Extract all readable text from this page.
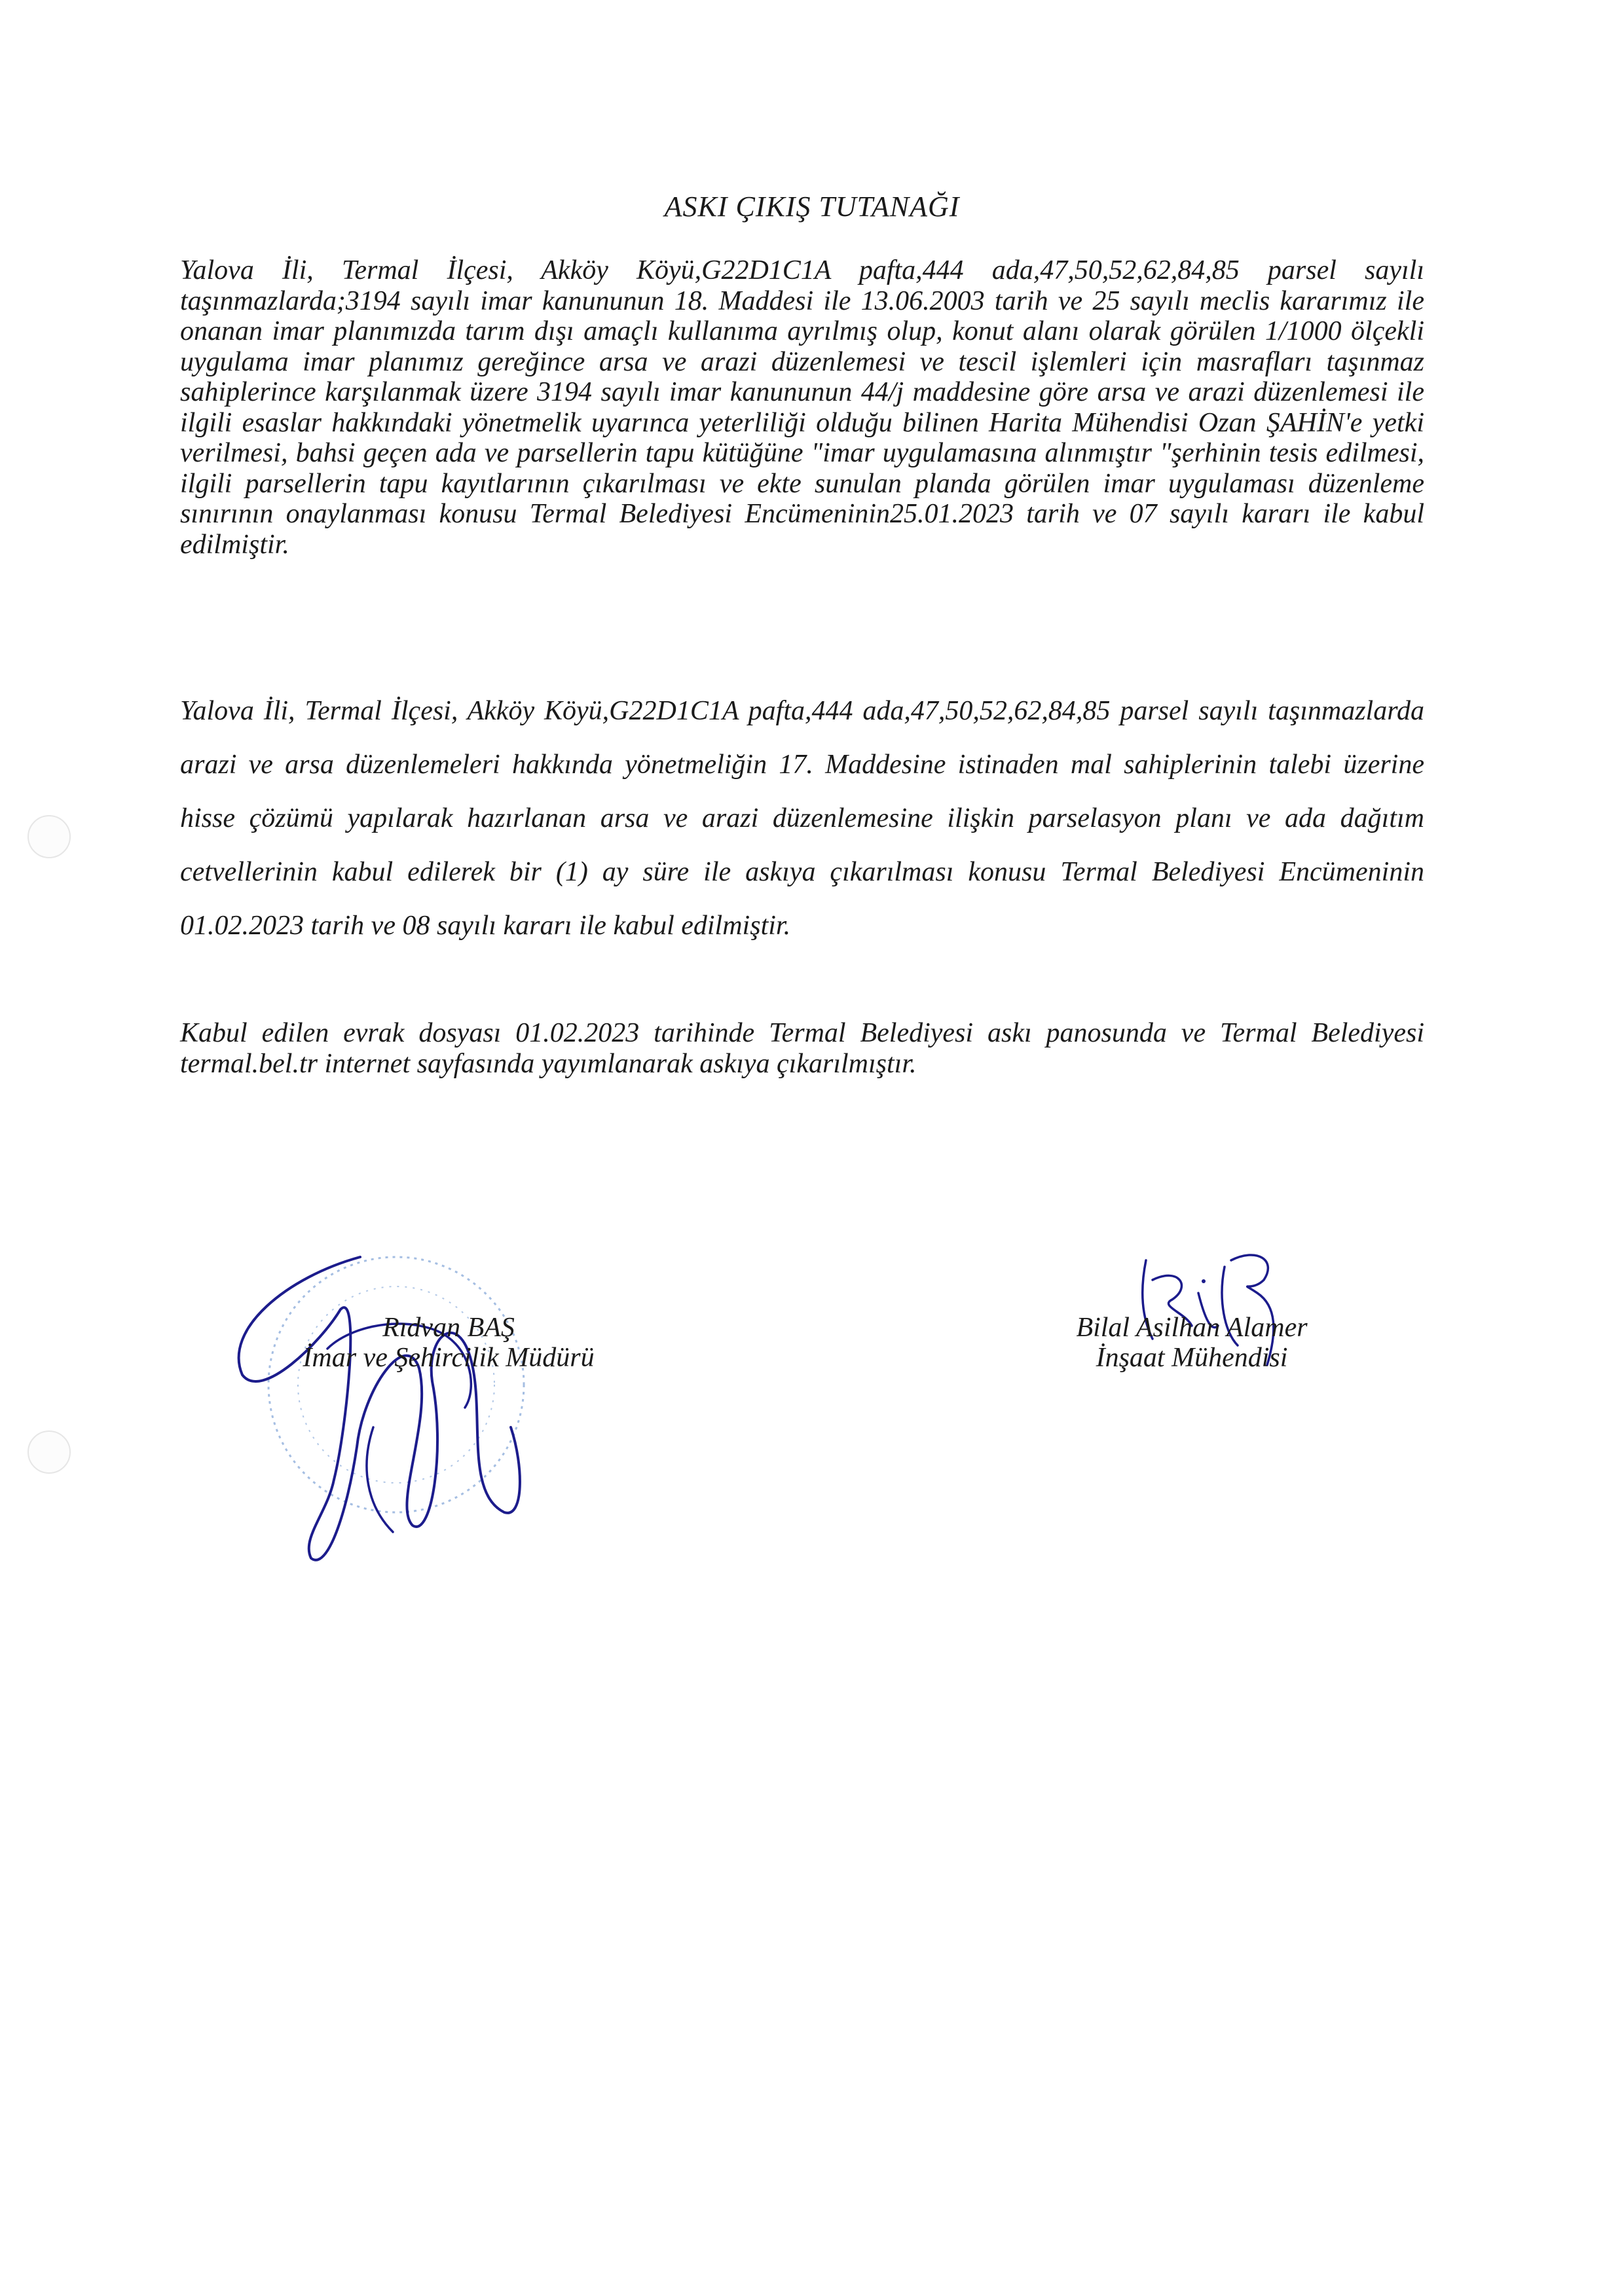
ASKI ÇIKIŞ TUTANAĞI

Yalova İli, Termal İlçesi, Akköy Köyü,G22D1C1A pafta,444 ada,47,50,52,62,84,85 parsel sayılı taşınmazlarda;3194 sayılı imar kanununun 18. Maddesi ile 13.06.2003 tarih ve 25 sayılı meclis kararımız ile onanan imar planımızda tarım dışı amaçlı kullanıma ayrılmış olup, konut alanı olarak görülen 1/1000 ölçekli uygulama imar planımız gereğince arsa ve arazi düzenlemesi ve tescil işlemleri için masrafları taşınmaz sahiplerince karşılanmak üzere 3194 sayılı imar kanununun 44/j maddesine göre arsa ve arazi düzenlemesi ile ilgili esaslar hakkındaki yönetmelik uyarınca yeterliliği olduğu bilinen Harita Mühendisi Ozan ŞAHİN'e yetki verilmesi, bahsi geçen ada ve parsellerin tapu kütüğüne "imar uygulamasına alınmıştır "şerhinin tesis edilmesi, ilgili parsellerin tapu kayıtlarının çıkarılması ve ekte sunulan planda görülen imar uygulaması düzenleme sınırının onaylanması konusu Termal Belediyesi Encümeninin25.01.2023 tarih ve 07 sayılı kararı ile kabul edilmiştir.

Yalova İli, Termal İlçesi, Akköy Köyü,G22D1C1A pafta,444 ada,47,50,52,62,84,85 parsel sayılı taşınmazlarda arazi ve arsa düzenlemeleri hakkında yönetmeliğin 17. Maddesine istinaden mal sahiplerinin talebi üzerine hisse çözümü yapılarak hazırlanan arsa ve arazi düzenlemesine ilişkin parselasyon planı ve ada dağıtım cetvellerinin kabul edilerek bir (1) ay süre ile askıya çıkarılması konusu Termal Belediyesi Encümeninin 01.02.2023 tarih ve 08 sayılı kararı ile kabul edilmiştir.

Kabul edilen evrak dosyası 01.02.2023 tarihinde Termal Belediyesi askı panosunda ve Termal Belediyesi termal.bel.tr internet sayfasında yayımlanarak askıya çıkarılmıştır.

Rıdvan BAŞ
İmar ve Şehircilik Müdürü
Bilal Asilhan Alamer
İnşaat Mühendisi
